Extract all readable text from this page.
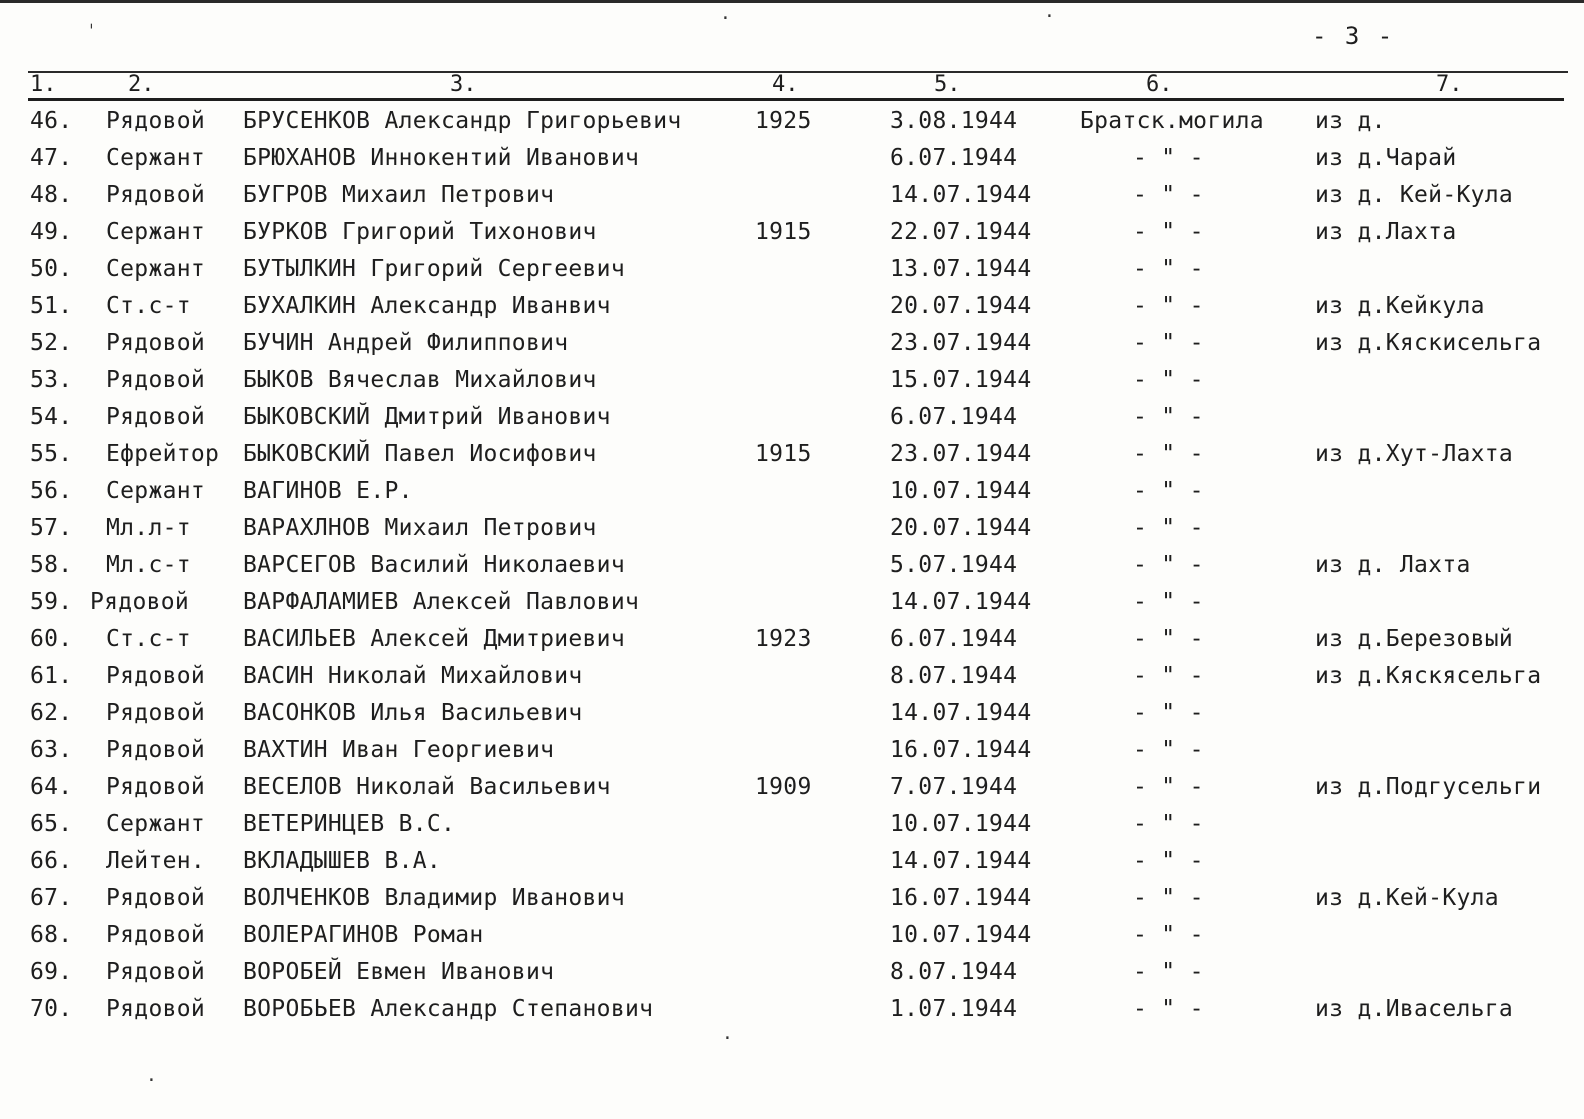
ˌ	·	·
·
·
- 3 -
1.	2.	3.	4.	5.	6.	7.
46. Рядовой БРУСЕНКОВ Александр Григорьевич	1925	3.08.1944	Братск.могила из д.
47. Сержант БРЮХАНОВ Иннокентий Иванович	6.07.1944	- " -	из д.Чарай
48. Рядовой БУГРОВ Михаил Петрович	14.07.1944	- " -	из д. Кей-Кула
49. Сержант БУРКОВ Григорий Тихонович	1915	22.07.1944	- " -	из д.Лахта
50. Сержант БУТЫЛКИН Григорий Сергеевич	13.07.1944	- " -
51. Ст.с-т БУХАЛКИН Александр Иванвич	20.07.1944	- " -	из д.Кейкула
52. Рядовой БУЧИН Андрей Филиппович	23.07.1944	- " -	из д.Кяскисельга
53. Рядовой БЫКОВ Вячеслав Михайлович	15.07.1944	- " -
54. Рядовой БЫКОВСКИЙ Дмитрий Иванович	6.07.1944	- " -
55. Ефрейтор БЫКОВСКИЙ Павел Иосифович	1915	23.07.1944	- " -	из д.Хут-Лахта
56. Сержант ВАГИНОВ Е.Р.	10.07.1944	- " -
57. Мл.л-т ВАРАХЛНОВ Михаил Петрович	20.07.1944	- " -
58. Мл.с-т ВАРСЕГОВ Василий Николаевич	5.07.1944	- " -	из д. Лахта
59. Рядовой ВАРФАЛАМИЕВ Алексей Павлович	14.07.1944	- " -
60. Ст.с-т ВАСИЛЬЕВ Алексей Дмитриевич	1923	6.07.1944	- " -	из д.Березовый
61. Рядовой ВАСИН Николай Михайлович	8.07.1944	- " -	из д.Кяскясельга
62. Рядовой ВАСОНКОВ Илья Васильевич	14.07.1944	- " -
63. Рядовой ВАХТИН Иван Георгиевич	16.07.1944	- " -
64. Рядовой ВЕСЕЛОВ Николай Васильевич	1909	7.07.1944	- " -	из д.Подгусельги
65. Сержант ВЕТЕРИНЦЕВ В.С.	10.07.1944	- " -
66. Лейтен. ВКЛАДЫШЕВ В.А.	14.07.1944	- " -
67. Рядовой ВОЛЧЕНКОВ Владимир Иванович	16.07.1944	- " -	из д.Кей-Кула
68. Рядовой ВОЛЕРАГИНОВ Роман	10.07.1944	- " -
69. Рядовой ВОРОБЕЙ Евмен Иванович	8.07.1944	- " -
70. Рядовой ВОРОБЬЕВ Александр Степанович	1.07.1944	- " -	из д.Ивасельга
